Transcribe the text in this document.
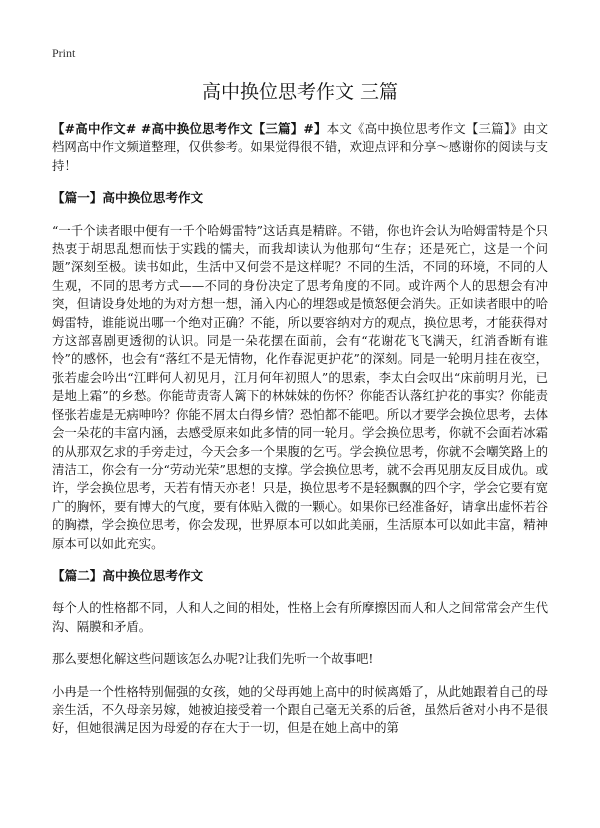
Print
高中换位思考作文 三篇

【#高中作文# #高中换位思考作文【三篇】#】本文《高中换位思考作文【三篇】》由文档网高中作文频道整理，仅供参考。如果觉得很不错，欢迎点评和分享～感谢你的阅读与支持！

【篇一】高中换位思考作文

“一千个读者眼中便有一千个哈姆雷特”这话真是精辟。不错，你也许会认为哈姆雷特是个只热衷于胡思乱想而怯于实践的懦夫，而我却读认为他那句“生存；还是死亡，这是一个问题”深刻至极。读书如此，生活中又何尝不是这样呢？不同的生活，不同的环境，不同的人生观，不同的思考方式——不同的身份决定了思考角度的不同。或许两个人的思想会有冲突，但请设身处地的为对方想一想，涌入内心的埋怨或是愤怒便会消失。正如读者眼中的哈姆雷特，谁能说出哪一个绝对正确？不能，所以要容纳对方的观点，换位思考，才能获得对方这部喜剧更透彻的认识。同是一朵花摆在面前，会有“花谢花飞飞满天，红消香断有谁怜”的感怀，也会有“落红不是无情物，化作春泥更护花”的深刻。同是一轮明月挂在夜空，张若虚会吟出“江畔何人初见月，江月何年初照人”的思索，李太白会叹出“床前明月光，已是地上霜”的乡愁。你能苛责寄人篱下的林妹妹的伤怀？你能否认落红护花的事实？你能责怪张若虚是无病呻吟？你能不屑太白得乡情？恐怕都不能吧。所以才要学会换位思考，去体会一朵花的丰富内涵，去感受原来如此多情的同一轮月。学会换位思考，你就不会面若冰霜的从那双乞求的手旁走过，今天会多一个果腹的乞丐。学会换位思考，你就不会嘲笑路上的清洁工，你会有一分“劳动光荣”思想的支撑。学会换位思考，就不会再见朋友反目成仇。或许，学会换位思考，天若有情天亦老！只是，换位思考不是轻飘飘的四个字，学会它要有宽广的胸怀，要有博大的气度，要有体贴入微的一颗心。如果你已经准备好，请拿出虚怀若谷的胸襟，学会换位思考，你会发现，世界原本可以如此美丽，生活原本可以如此丰富，精神原本可以如此充实。

【篇二】高中换位思考作文

每个人的性格都不同，人和人之间的相处，性格上会有所摩擦因而人和人之间常常会产生代沟、隔膜和矛盾。

那么要想化解这些问题该怎么办呢?让我们先听一个故事吧!

小冉是一个性格特别倔强的女孩，她的父母再她上高中的时候离婚了，从此她跟着自己的母亲生活，不久母亲另嫁，她被迫接受着一个跟自己毫无关系的后爸，虽然后爸对小冉不是很好，但她很满足因为母爱的存在大于一切，但是在她上高中的第
